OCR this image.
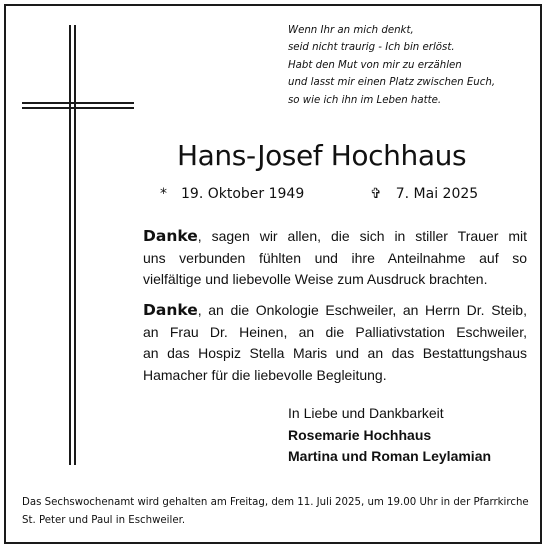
Wenn Ihr an mich denkt,
seid nicht traurig - Ich bin erlöst.
Habt den Mut von mir zu erzählen
und lasst mir einen Platz zwischen Euch,
so wie ich ihn im Leben hatte.
Hans-Josef Hochhaus
* 19. Oktober 1949	✞ 7. Mai 2025
Danke, sagen wir allen, die sich in stiller Trauer mit
uns verbunden fühlten und ihre Anteilnahme auf so
vielfältige und liebevolle Weise zum Ausdruck brachten.
Danke, an die Onkologie Eschweiler, an Herrn Dr. Steib,
an Frau Dr. Heinen, an die Palliativstation Eschweiler,
an das Hospiz Stella Maris und an das Bestattungshaus
Hamacher für die liebevolle Begleitung.
In Liebe und Dankbarkeit
Rosemarie Hochhaus
Martina und Roman Leylamian
Das Sechswochenamt wird gehalten am Freitag, dem 11. Juli 2025, um 19.00 Uhr in der Pfarrkirche St. Peter und Paul in Eschweiler.
